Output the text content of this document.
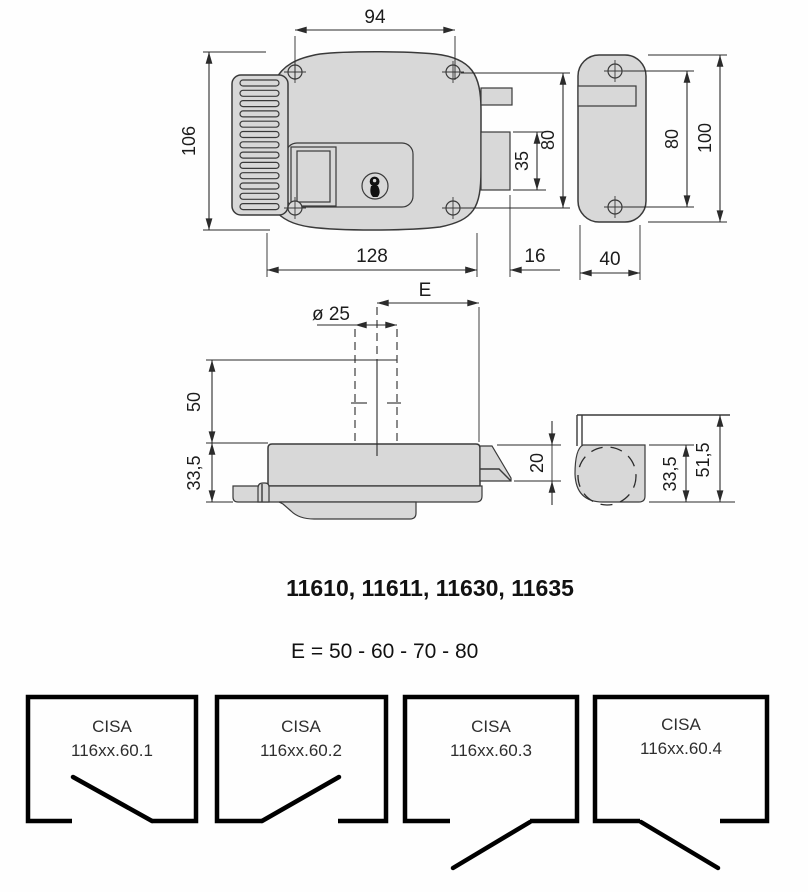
94
106
35
80
128	16
80 100
40
E
ø 25
50
33,5	20	33,5 51,5
11610, 11611, 11630, 11635
E = 50 - 60 - 70 - 80
CISA
116xx.60.1
CISA
116xx.60.2
CISA
116xx.60.3
CISA
116xx.60.4
